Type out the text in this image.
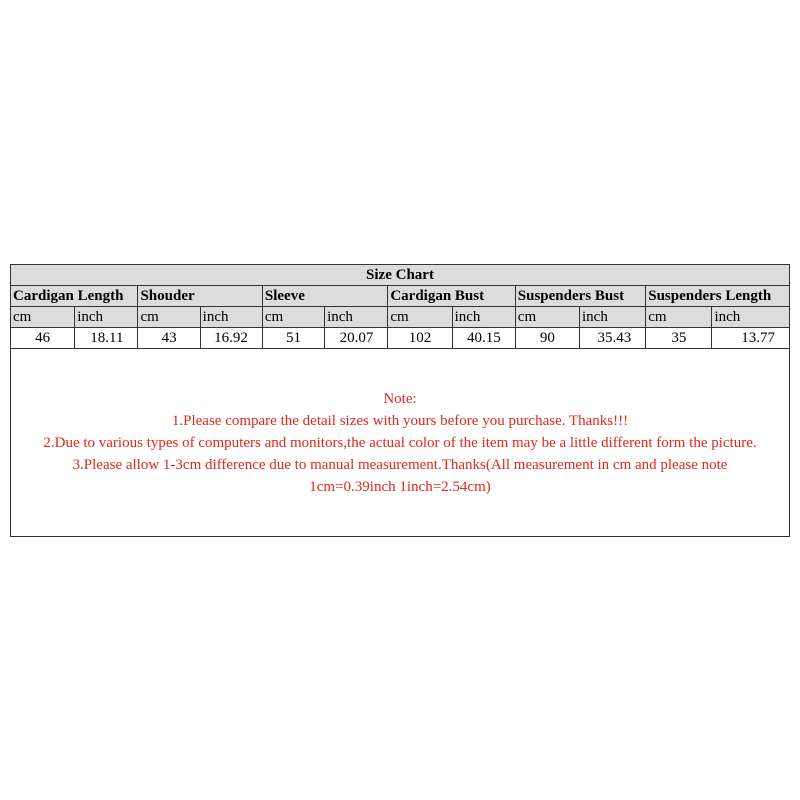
Size Chart											
Cardigan Length		Shouder		Sleeve		Cardigan Bust		Suspenders Bust		Suspenders Length	
cm	inch	cm	inch	cm	inch	cm	inch	cm	inch	cm	inch
46	18.11	43	16.92	51	20.07	102	40.15	90	35.43	35	13.77
Note:
1.Please compare the detail sizes with yours before you purchase. Thanks!!!
2.Due to various types of computers and monitors,the actual color of the item may be a little different form the picture.
3.Please allow 1-3cm difference due to manual measurement.Thanks(All measurement in cm and please note
1cm=0.39inch 1inch=2.54cm)
